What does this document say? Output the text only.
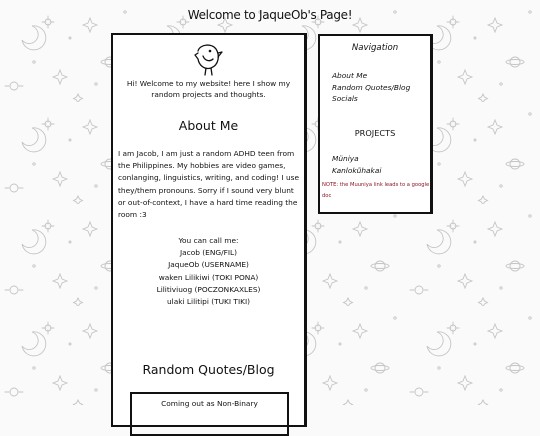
Welcome to JaqueOb's Page!
Hi! Welcome to my website! here I show my random projects and thoughts.
About Me
I am Jacob, I am just a random ADHD teen from the Philippines. My hobbies are video games, conlanging, linguistics, writing, and coding! I use they/them pronouns. Sorry if I sound very blunt or out-of-context, I have a hard time reading the room :3
You can call me:
Jacob (ENG/FIL)
JaqueOb (USERNAME)
waken Lilikiwi (TOKI PONA)
Lilitiviuog (POCZONKAXLES)
ulaki Lilitipi (TUKI TIKI)
Random Quotes/Blog
Coming out as Non-Binary
Navigation
About Me
Random Quotes/Blog
Socials
PROJECTS
Müniya
Kanlokũhakai
NOTE: the Muuniya link leads to a google doc
